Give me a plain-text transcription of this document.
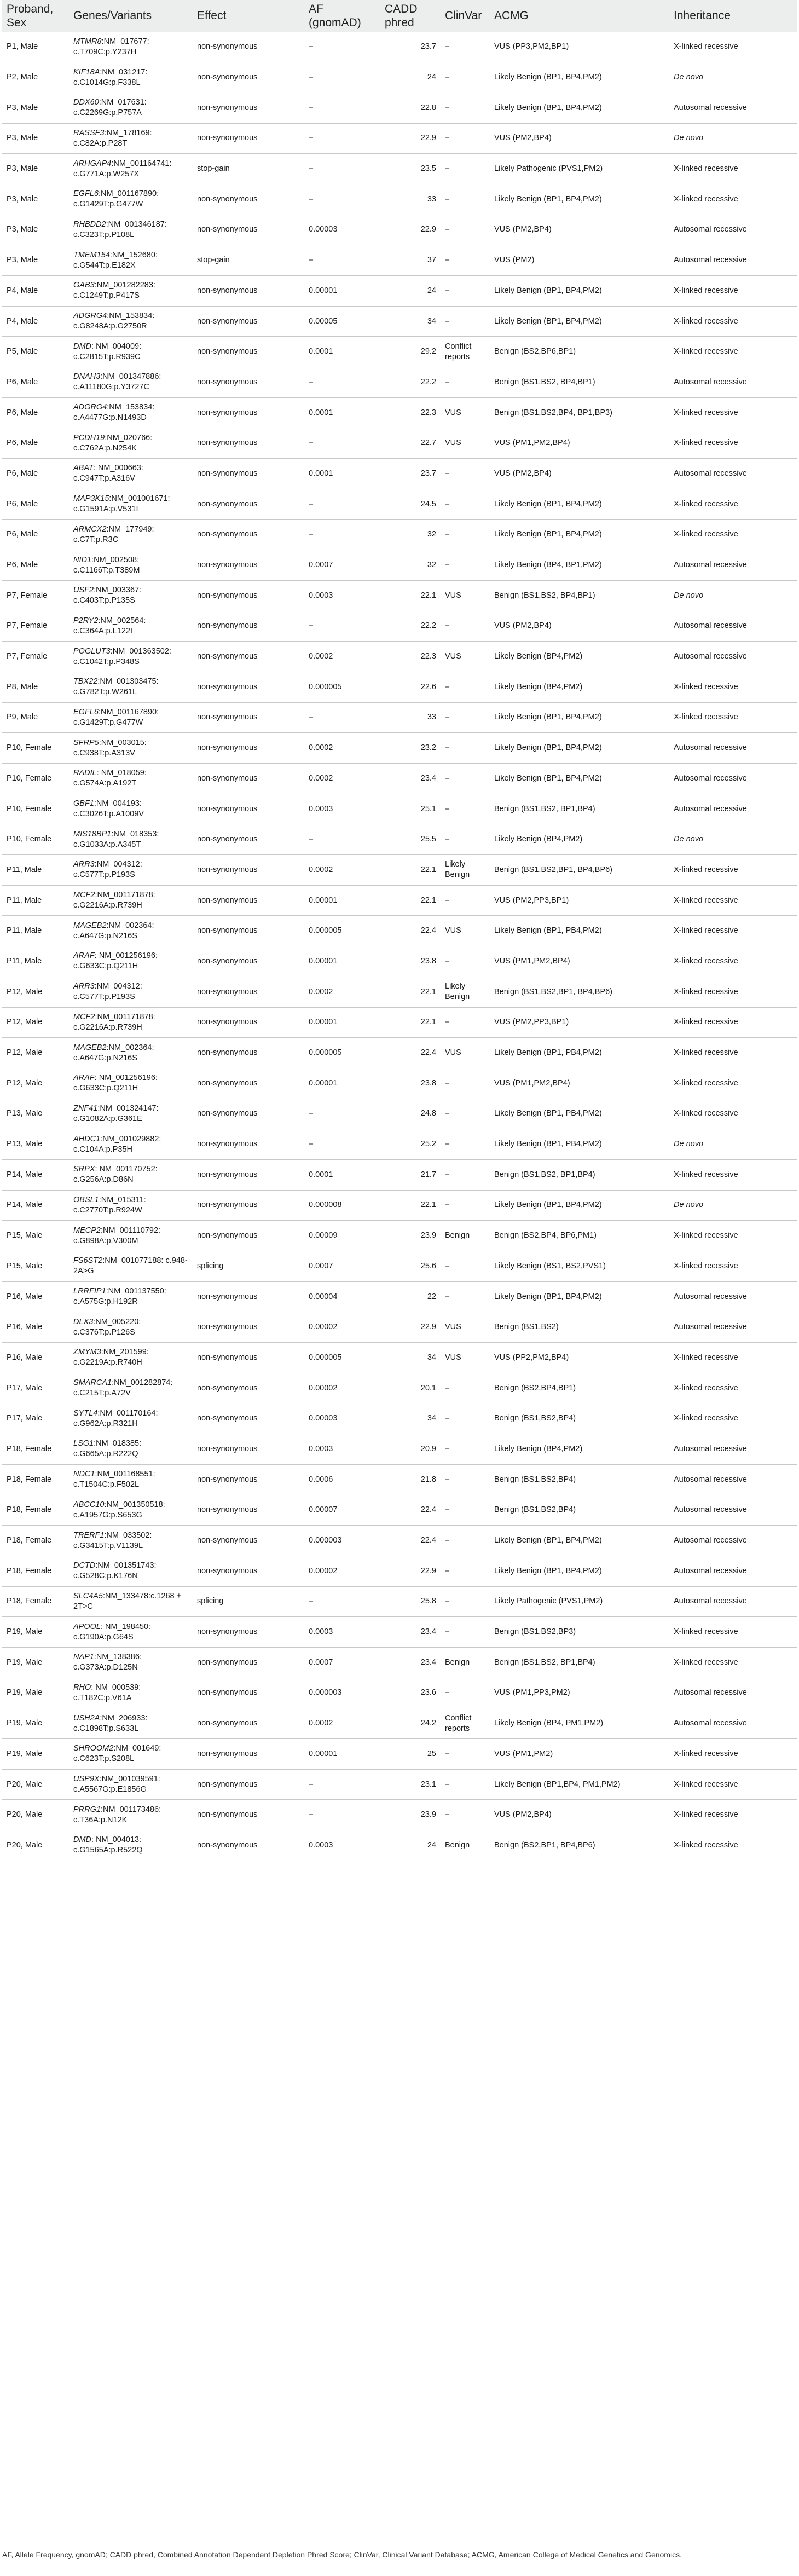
Proband, Sex	Genes/Variants	Effect	AF (gnomAD)	CADD phred	ClinVar	ACMG	Inheritance
P1, Male	MTMR8:NM_017677: c.T709C:p.Y237H	non-synonymous	–	23.7	–	VUS (PP3,PM2,BP1)	X-linked recessive
P2, Male	KIF18A:NM_031217: c.C1014G:p.F338L	non-synonymous	–	24	–	Likely Benign (BP1, BP4,PM2)	De novo
P3, Male	DDX60:NM_017631: c.C2269G:p.P757A	non-synonymous	–	22.8	–	Likely Benign (BP1, BP4,PM2)	Autosomal recessive
P3, Male	RASSF3:NM_178169: c.C82A:p.P28T	non-synonymous	–	22.9	–	VUS (PM2,BP4)	De novo
P3, Male	ARHGAP4:NM_001164741: c.G771A:p.W257X	stop-gain	–	23.5	–	Likely Pathogenic (PVS1,PM2)	X-linked recessive
P3, Male	EGFL6:NM_001167890: c.G1429T:p.G477W	non-synonymous	–	33	–	Likely Benign (BP1, BP4,PM2)	X-linked recessive
P3, Male	RHBDD2:NM_001346187: c.C323T:p.P108L	non-synonymous	0.00003	22.9	–	VUS (PM2,BP4)	Autosomal recessive
P3, Male	TMEM154:NM_152680: c.G544T:p.E182X	stop-gain	–	37	–	VUS (PM2)	Autosomal recessive
P4, Male	GAB3:NM_001282283: c.C1249T:p.P417S	non-synonymous	0.00001	24	–	Likely Benign (BP1, BP4,PM2)	X-linked recessive
P4, Male	ADGRG4:NM_153834: c.G8248A:p.G2750R	non-synonymous	0.00005	34	–	Likely Benign (BP1, BP4,PM2)	X-linked recessive
P5, Male	DMD: NM_004009: c.C2815T:p.R939C	non-synonymous	0.0001	29.2	Conflict reports	Benign (BS2,BP6,BP1)	X-linked recessive
P6, Male	DNAH3:NM_001347886: c.A11180G:p.Y3727C	non-synonymous	–	22.2	–	Benign (BS1,BS2, BP4,BP1)	Autosomal recessive
P6, Male	ADGRG4:NM_153834: c.A4477G:p.N1493D	non-synonymous	0.0001	22.3	VUS	Benign (BS1,BS2,BP4, BP1,BP3)	X-linked recessive
P6, Male	PCDH19:NM_020766: c.C762A:p.N254K	non-synonymous	–	22.7	VUS	VUS (PM1,PM2,BP4)	X-linked recessive
P6, Male	ABAT: NM_000663: c.C947T:p.A316V	non-synonymous	0.0001	23.7	–	VUS (PM2,BP4)	Autosomal recessive
P6, Male	MAP3K15:NM_001001671: c.G1591A:p.V531I	non-synonymous	–	24.5	–	Likely Benign (BP1, BP4,PM2)	X-linked recessive
P6, Male	ARMCX2:NM_177949: c.C7T:p.R3C	non-synonymous	–	32	–	Likely Benign (BP1, BP4,PM2)	X-linked recessive
P6, Male	NID1:NM_002508: c.C1166T:p.T389M	non-synonymous	0.0007	32	–	Likely Benign (BP4, BP1,PM2)	Autosomal recessive
P7, Female	USF2:NM_003367: c.C403T:p.P135S	non-synonymous	0.0003	22.1	VUS	Benign (BS1,BS2, BP4,BP1)	De novo
P7, Female	P2RY2:NM_002564: c.C364A:p.L122I	non-synonymous	–	22.2	–	VUS (PM2,BP4)	Autosomal recessive
P7, Female	POGLUT3:NM_001363502: c.C1042T:p.P348S	non-synonymous	0.0002	22.3	VUS	Likely Benign (BP4,PM2)	Autosomal recessive
P8, Male	TBX22:NM_001303475: c.G782T:p.W261L	non-synonymous	0.000005	22.6	–	Likely Benign (BP4,PM2)	X-linked recessive
P9, Male	EGFL6:NM_001167890: c.G1429T:p.G477W	non-synonymous	–	33	–	Likely Benign (BP1, BP4,PM2)	X-linked recessive
P10, Female	SFRP5:NM_003015: c.C938T:p.A313V	non-synonymous	0.0002	23.2	–	Likely Benign (BP1, BP4,PM2)	Autosomal recessive
P10, Female	RADIL: NM_018059: c.G574A:p.A192T	non-synonymous	0.0002	23.4	–	Likely Benign (BP1, BP4,PM2)	Autosomal recessive
P10, Female	GBF1:NM_004193: c.C3026T:p.A1009V	non-synonymous	0.0003	25.1	–	Benign (BS1,BS2, BP1,BP4)	Autosomal recessive
P10, Female	MIS18BP1:NM_018353: c.G1033A:p.A345T	non-synonymous	–	25.5	–	Likely Benign (BP4,PM2)	De novo
P11, Male	ARR3:NM_004312: c.C577T:p.P193S	non-synonymous	0.0002	22.1	Likely Benign	Benign (BS1,BS2,BP1, BP4,BP6)	X-linked recessive
P11, Male	MCF2:NM_001171878: c.G2216A:p.R739H	non-synonymous	0.00001	22.1	–	VUS (PM2,PP3,BP1)	X-linked recessive
P11, Male	MAGEB2:NM_002364: c.A647G:p.N216S	non-synonymous	0.000005	22.4	VUS	Likely Benign (BP1, PB4,PM2)	X-linked recessive
P11, Male	ARAF: NM_001256196: c.G633C:p.Q211H	non-synonymous	0.00001	23.8	–	VUS (PM1,PM2,BP4)	X-linked recessive
P12, Male	ARR3:NM_004312: c.C577T:p.P193S	non-synonymous	0.0002	22.1	Likely Benign	Benign (BS1,BS2,BP1, BP4,BP6)	X-linked recessive
P12, Male	MCF2:NM_001171878: c.G2216A:p.R739H	non-synonymous	0.00001	22.1	–	VUS (PM2,PP3,BP1)	X-linked recessive
P12, Male	MAGEB2:NM_002364: c.A647G:p.N216S	non-synonymous	0.000005	22.4	VUS	Likely Benign (BP1, PB4,PM2)	X-linked recessive
P12, Male	ARAF: NM_001256196: c.G633C:p.Q211H	non-synonymous	0.00001	23.8	–	VUS (PM1,PM2,BP4)	X-linked recessive
P13, Male	ZNF41:NM_001324147: c.G1082A:p.G361E	non-synonymous	–	24.8	–	Likely Benign (BP1, PB4,PM2)	X-linked recessive
P13, Male	AHDC1:NM_001029882: c.C104A:p.P35H	non-synonymous	–	25.2	–	Likely Benign (BP1, PB4,PM2)	De novo
P14, Male	SRPX: NM_001170752: c.G256A:p.D86N	non-synonymous	0.0001	21.7	–	Benign (BS1,BS2, BP1,BP4)	X-linked recessive
P14, Male	OBSL1:NM_015311: c.C2770T:p.R924W	non-synonymous	0.000008	22.1	–	Likely Benign (BP1, BP4,PM2)	De novo
P15, Male	MECP2:NM_001110792: c.G898A:p.V300M	non-synonymous	0.00009	23.9	Benign	Benign (BS2,BP4, BP6,PM1)	X-linked recessive
P15, Male	FS6ST2:NM_001077188: c.948-2A>G	splicing	0.0007	25.6	–	Likely Benign (BS1, BS2,PVS1)	X-linked recessive
P16, Male	LRRFIP1:NM_001137550: c.A575G:p.H192R	non-synonymous	0.00004	22	–	Likely Benign (BP1, BP4,PM2)	Autosomal recessive
P16, Male	DLX3:NM_005220: c.C376T:p.P126S	non-synonymous	0.00002	22.9	VUS	Benign (BS1,BS2)	Autosomal recessive
P16, Male	ZMYM3:NM_201599: c.G2219A:p.R740H	non-synonymous	0.000005	34	VUS	VUS (PP2,PM2,BP4)	X-linked recessive
P17, Male	SMARCA1:NM_001282874: c.C215T:p.A72V	non-synonymous	0.00002	20.1	–	Benign (BS2,BP4,BP1)	X-linked recessive
P17, Male	SYTL4:NM_001170164: c.G962A:p.R321H	non-synonymous	0.00003	34	–	Benign (BS1,BS2,BP4)	X-linked recessive
P18, Female	LSG1:NM_018385: c.G665A:p.R222Q	non-synonymous	0.0003	20.9	–	Likely Benign (BP4,PM2)	Autosomal recessive
P18, Female	NDC1:NM_001168551: c.T1504C:p.F502L	non-synonymous	0.0006	21.8	–	Benign (BS1,BS2,BP4)	Autosomal recessive
P18, Female	ABCC10:NM_001350518: c.A1957G:p.S653G	non-synonymous	0.00007	22.4	–	Benign (BS1,BS2,BP4)	Autosomal recessive
P18, Female	TRERF1:NM_033502: c.G3415T:p.V1139L	non-synonymous	0.000003	22.4	–	Likely Benign (BP1, BP4,PM2)	Autosomal recessive
P18, Female	DCTD:NM_001351743: c.G528C:p.K176N	non-synonymous	0.00002	22.9	–	Likely Benign (BP1, BP4,PM2)	Autosomal recessive
P18, Female	SLC4A5:NM_133478:c.1268 + 2T>C	splicing	–	25.8	–	Likely Pathogenic (PVS1,PM2)	Autosomal recessive
P19, Male	APOOL: NM_198450: c.G190A:p.G64S	non-synonymous	0.0003	23.4	–	Benign (BS1,BS2,BP3)	X-linked recessive
P19, Male	NAP1:NM_138386: c.G373A:p.D125N	non-synonymous	0.0007	23.4	Benign	Benign (BS1,BS2, BP1,BP4)	X-linked recessive
P19, Male	RHO: NM_000539: c.T182C:p.V61A	non-synonymous	0.000003	23.6	–	VUS (PM1,PP3,PM2)	Autosomal recessive
P19, Male	USH2A:NM_206933: c.C1898T:p.S633L	non-synonymous	0.0002	24.2	Conflict reports	Likely Benign (BP4, PM1,PM2)	Autosomal recessive
P19, Male	SHROOM2:NM_001649: c.C623T:p.S208L	non-synonymous	0.00001	25	–	VUS (PM1,PM2)	X-linked recessive
P20, Male	USP9X:NM_001039591: c.A5567G:p.E1856G	non-synonymous	–	23.1	–	Likely Benign (BP1,BP4, PM1,PM2)	X-linked recessive
P20, Male	PRRG1:NM_001173486: c.T36A:p.N12K	non-synonymous	–	23.9	–	VUS (PM2,BP4)	X-linked recessive
P20, Male	DMD: NM_004013: c.G1565A:p.R522Q	non-synonymous	0.0003	24	Benign	Benign (BS2,BP1, BP4,BP6)	X-linked recessive
AF, Allele Frequency, gnomAD; CADD phred, Combined Annotation Dependent Depletion Phred Score; ClinVar, Clinical Variant Database; ACMG, American College of Medical Genetics and Genomics.
